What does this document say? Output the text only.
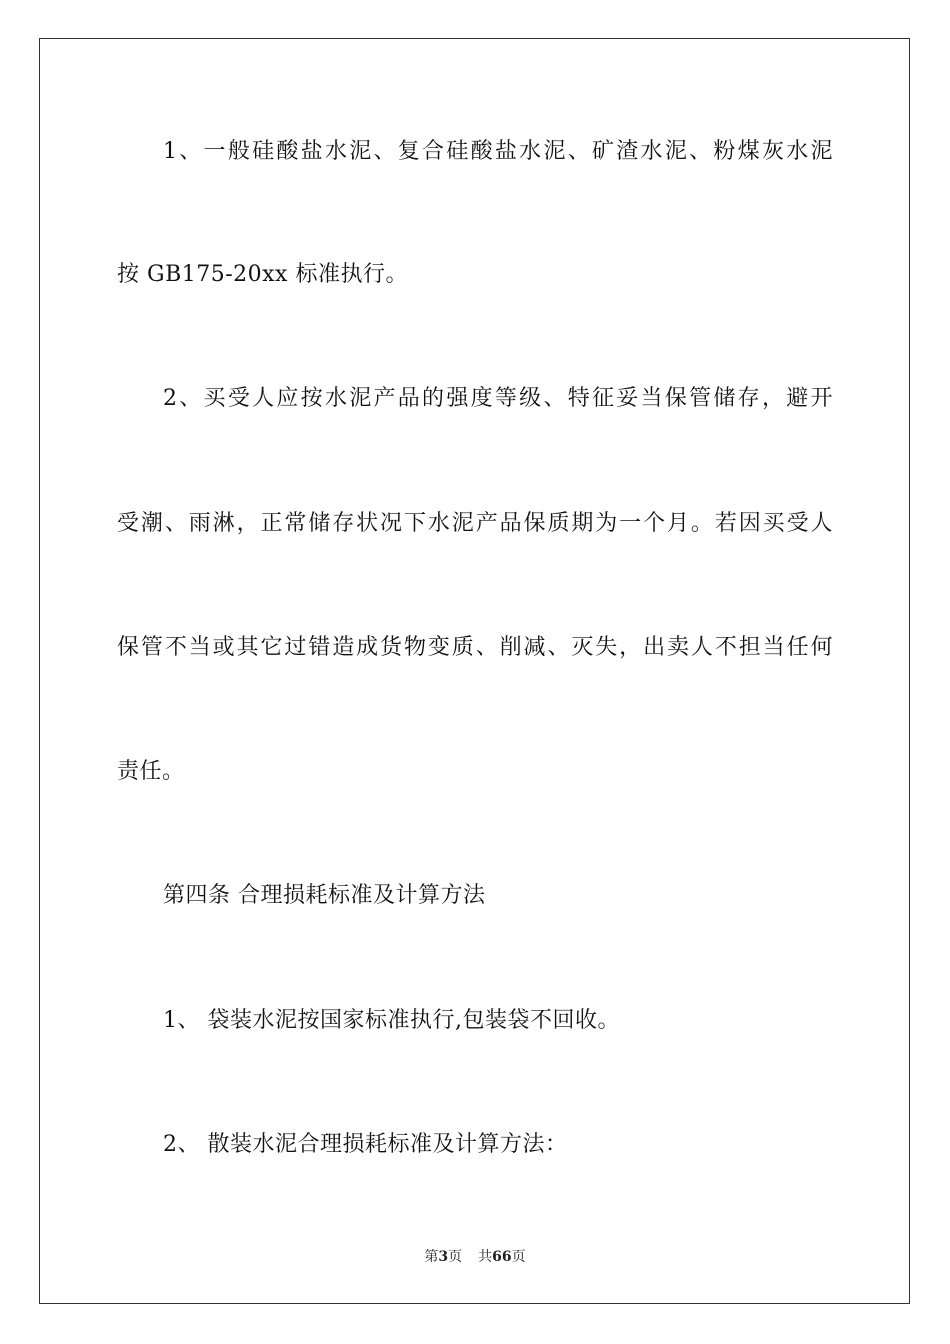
1、一般硅酸盐水泥、复合硅酸盐水泥、矿渣水泥、粉煤灰水泥
按 GB175-20xx 标准执行。
2、买受人应按水泥产品的强度等级、特征妥当保管储存，避开
受潮、雨淋，正常储存状况下水泥产品保质期为一个月。若因买受人
保管不当或其它过错造成货物变质、削减、灭失，出卖人不担当任何
责任。
第四条 合理损耗标准及计算方法
1、 袋装水泥按国家标准执行,包装袋不回收。
2、 散装水泥合理损耗标准及计算方法：
第3页 共66页
